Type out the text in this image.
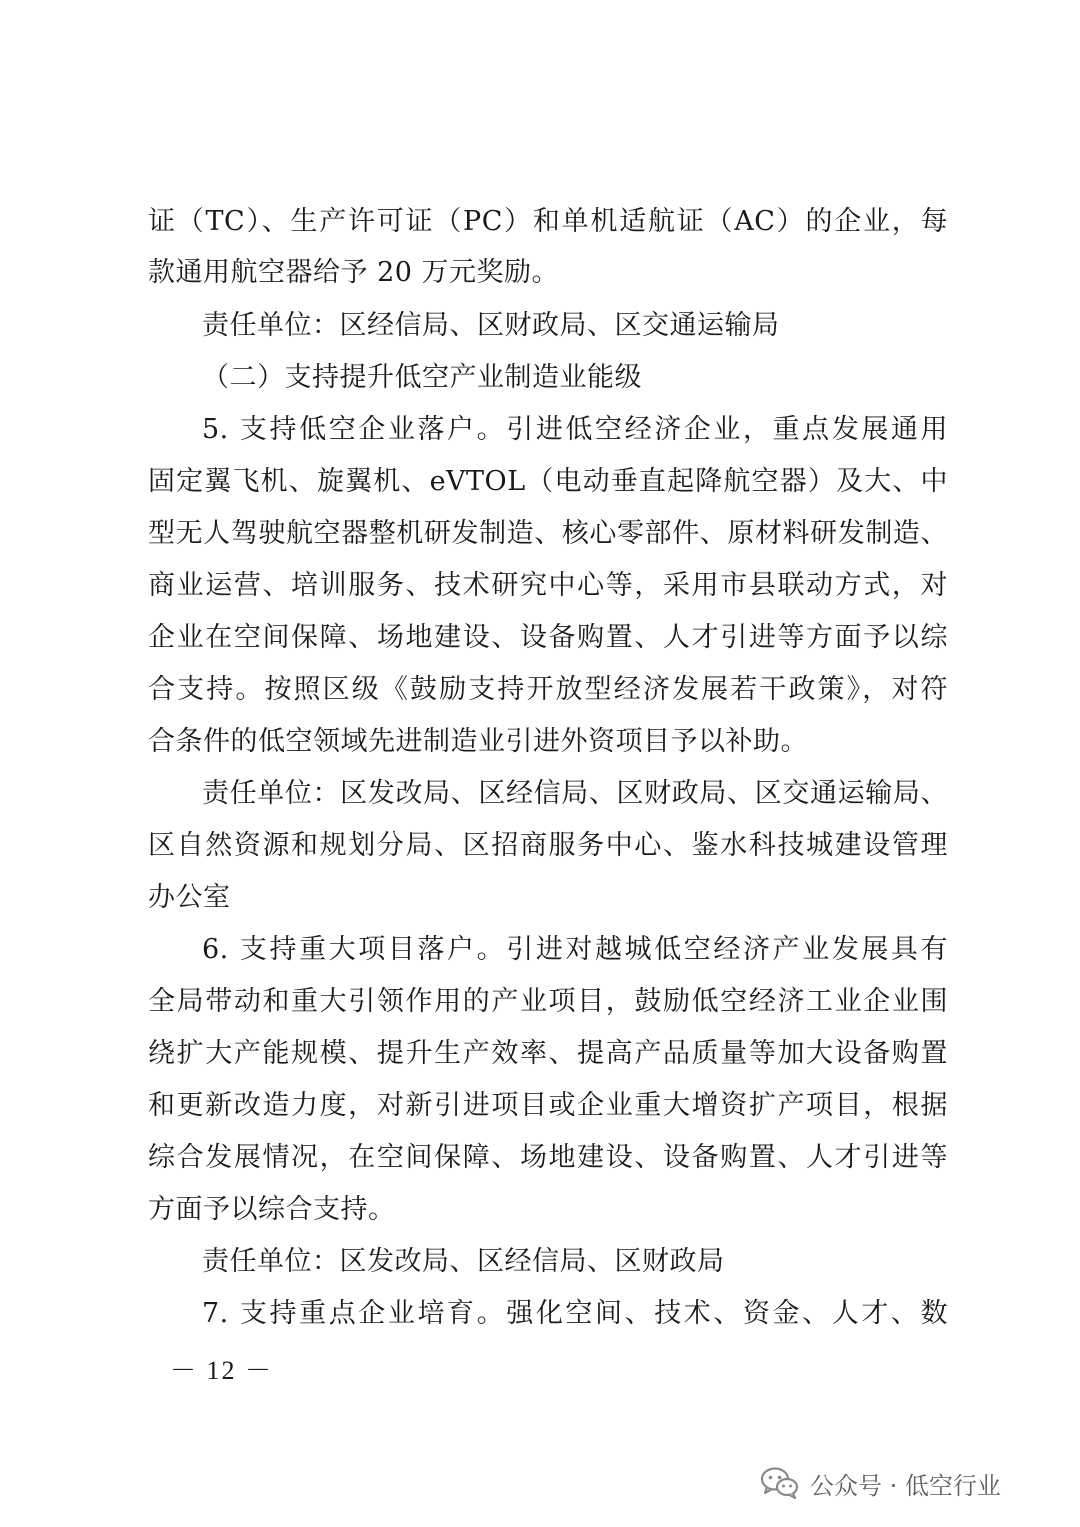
证（TC）、生产许可证（PC）和单机适航证（AC）的企业，每
款通用航空器给予 20 万元奖励。
责任单位：区经信局、区财政局、区交通运输局
（二）支持提升低空产业制造业能级
5. 支持低空企业落户。引进低空经济企业，重点发展通用
固定翼飞机、旋翼机、eVTOL（电动垂直起降航空器）及大、中
型无人驾驶航空器整机研发制造、核心零部件、原材料研发制造、
商业运营、培训服务、技术研究中心等，采用市县联动方式，对
企业在空间保障、场地建设、设备购置、人才引进等方面予以综
合支持。按照区级《鼓励支持开放型经济发展若干政策》，对符
合条件的低空领域先进制造业引进外资项目予以补助。
责任单位：区发改局、区经信局、区财政局、区交通运输局、
区自然资源和规划分局、区招商服务中心、鉴水科技城建设管理
办公室
6. 支持重大项目落户。引进对越城低空经济产业发展具有
全局带动和重大引领作用的产业项目，鼓励低空经济工业企业围
绕扩大产能规模、提升生产效率、提高产品质量等加大设备购置
和更新改造力度，对新引进项目或企业重大增资扩产项目，根据
综合发展情况，在空间保障、场地建设、设备购置、人才引进等
方面予以综合支持。
责任单位：区发改局、区经信局、区财政局
7. 支持重点企业培育。强化空间、技术、资金、人才、数
－ 12 －
公众号 · 低空行业
